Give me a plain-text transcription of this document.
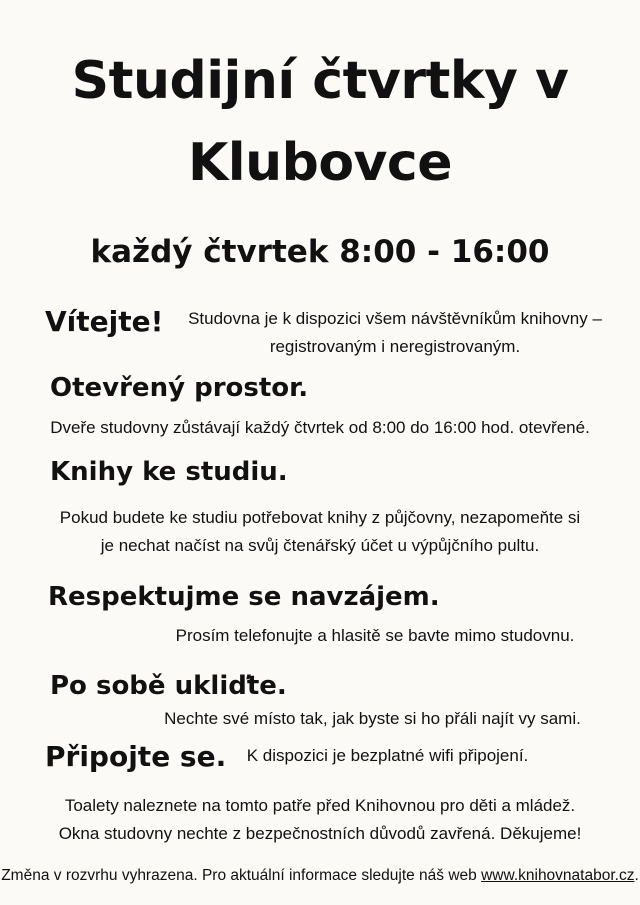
Studijní čtvrtky v
Klubovce
každý čtvrtek 8:00 - 16:00
Vítejte!	Studovna je k dispozici všem návštěvníkům knihovny –
registrovaným i neregistrovaným.
Otevřený prostor.
Dveře studovny zůstávají každý čtvrtek od 8:00 do 16:00 hod. otevřené.
Knihy ke studiu.
Pokud budete ke studiu potřebovat knihy z půjčovny, nezapomeňte si
je nechat načíst na svůj čtenářský účet u výpůjčního pultu.
Respektujme se navzájem.
Prosím telefonujte a hlasitě se bavte mimo studovnu.
Po sobě ukliďte.
Nechte své místo tak, jak byste si ho přáli najít vy sami.
Připojte se.	K dispozici je bezplatné wifi připojení.
Toalety naleznete na tomto patře před Knihovnou pro děti a mládež.
Okna studovny nechte z bezpečnostních důvodů zavřená. Děkujeme!
Změna v rozvrhu vyhrazena. Pro aktuální informace sledujte náš web www.knihovnatabor.cz.
